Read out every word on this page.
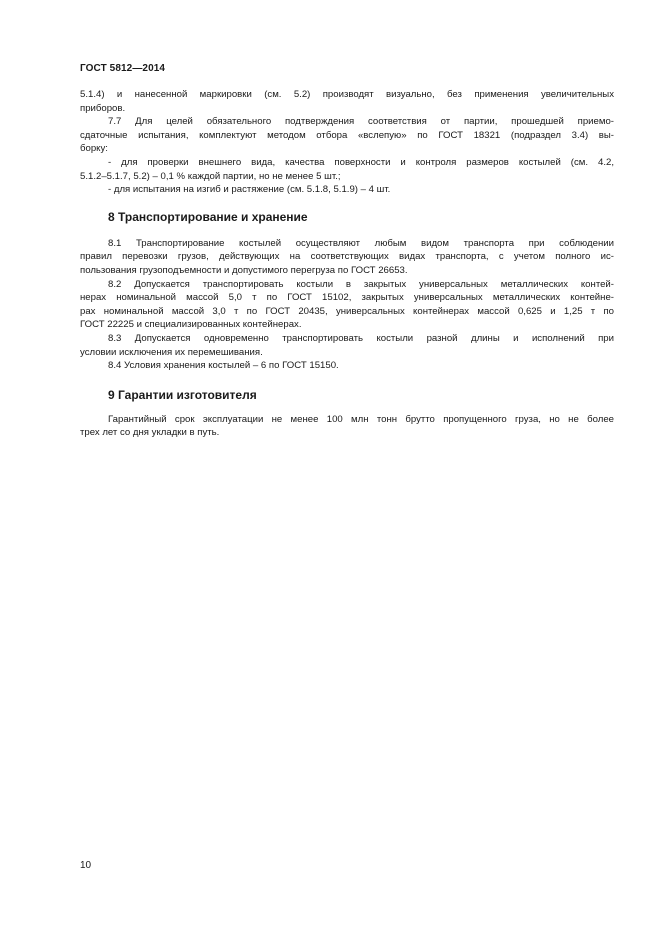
ГОСТ 5812—2014

5.1.4) и нанесенной маркировки (см. 5.2) производят визуально, без применения увеличительных

приборов.

7.7 Для целей обязательного подтверждения соответствия от партии, прошедшей приемо-

сдаточные испытания, комплектуют методом отбора «вслепую» по ГОСТ 18321 (подраздел 3.4) вы-

борку:

- для проверки внешнего вида, качества поверхности и контроля размеров костылей (см. 4.2,

5.1.2–5.1.7, 5.2) – 0,1 % каждой партии, но не менее 5 шт.;

- для испытания на изгиб и растяжение (см. 5.1.8, 5.1.9) – 4 шт.

8 Транспортирование и хранение

8.1 Транспортирование костылей осуществляют любым видом транспорта при соблюдении

правил перевозки грузов, действующих на соответствующих видах транспорта, с учетом полного ис-

пользования грузоподъемности и допустимого перегруза по ГОСТ 26653.

8.2 Допускается транспортировать костыли в закрытых универсальных металлических контей-

нерах номинальной массой 5,0 т по ГОСТ 15102, закрытых универсальных металлических контейне-

рах номинальной массой 3,0 т по ГОСТ 20435, универсальных контейнерах массой 0,625 и 1,25 т по

ГОСТ 22225 и специализированных контейнерах.

8.3 Допускается одновременно транспортировать костыли разной длины и исполнений при

условии исключения их перемешивания.

8.4 Условия хранения костылей – 6 по ГОСТ 15150.

9 Гарантии изготовителя

Гарантийный срок эксплуатации не менее 100 млн тонн брутто пропущенного груза, но не более

трех лет со дня укладки в путь.

10
